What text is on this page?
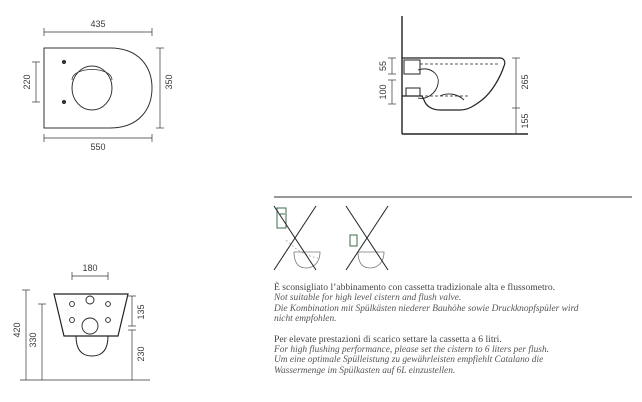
435
550
220	350
55
100
265
155
180
420
330
135
230
È sconsigliato l’abbinamento con cassetta tradizionale alta e flussometro.
Not suitable for high level cistern and flush valve.
Die Kombination mit Spülkästen niederer Bauhöhe sowie Druckknopfspüler wird
nicht empfohlen.
Per elevate prestazioni di scarico settare la cassetta a 6 litri.
For high flushing performance, please set the cistern to 6 liters per flush.
Um eine optimale Spülleistung zu gewährleisten empfiehlt Catalano die
Wassermenge im Spülkasten auf 6L einzustellen.
